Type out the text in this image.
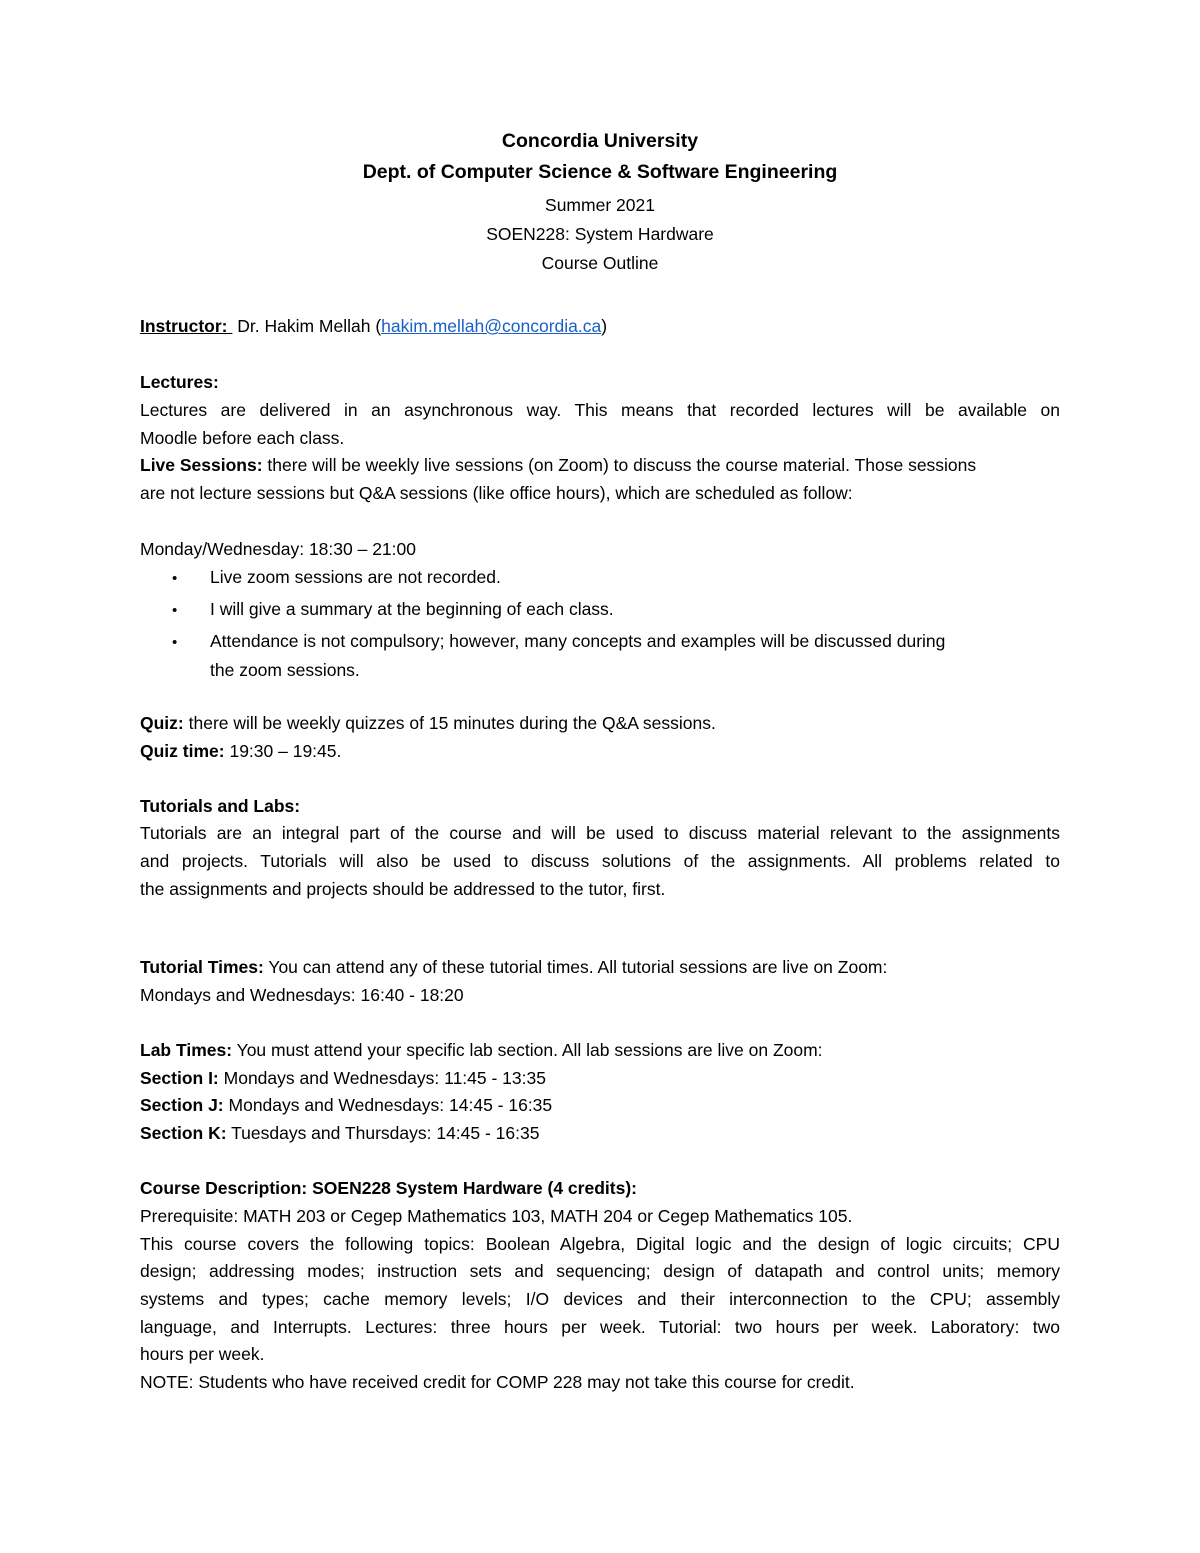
Concordia University
Dept. of Computer Science & Software Engineering
Summer 2021
SOEN228: System Hardware
Course Outline
Instructor: Dr. Hakim Mellah (hakim.mellah@concordia.ca)
Lectures:
Lectures are delivered in an asynchronous way. This means that recorded lectures will be available on
Moodle before each class.
Live Sessions: there will be weekly live sessions (on Zoom) to discuss the course material. Those sessions
are not lecture sessions but Q&A sessions (like office hours), which are scheduled as follow:
Monday/Wednesday: 18:30 – 21:00
• Live zoom sessions are not recorded.
• I will give a summary at the beginning of each class.
• Attendance is not compulsory; however, many concepts and examples will be discussed during
the zoom sessions.
Quiz: there will be weekly quizzes of 15 minutes during the Q&A sessions.
Quiz time: 19:30 – 19:45.
Tutorials and Labs:
Tutorials are an integral part of the course and will be used to discuss material relevant to the assignments
and projects. Tutorials will also be used to discuss solutions of the assignments. All problems related to
the assignments and projects should be addressed to the tutor, first.
Tutorial Times: You can attend any of these tutorial times. All tutorial sessions are live on Zoom:
Mondays and Wednesdays: 16:40 - 18:20
Lab Times: You must attend your specific lab section. All lab sessions are live on Zoom:
Section I: Mondays and Wednesdays: 11:45 - 13:35
Section J: Mondays and Wednesdays: 14:45 - 16:35
Section K: Tuesdays and Thursdays: 14:45 - 16:35
Course Description: SOEN228 System Hardware (4 credits):
Prerequisite: MATH 203 or Cegep Mathematics 103, MATH 204 or Cegep Mathematics 105.
This course covers the following topics: Boolean Algebra, Digital logic and the design of logic circuits; CPU
design; addressing modes; instruction sets and sequencing; design of datapath and control units; memory
systems and types; cache memory levels; I/O devices and their interconnection to the CPU; assembly
language, and Interrupts. Lectures: three hours per week. Tutorial: two hours per week. Laboratory: two
hours per week.
NOTE: Students who have received credit for COMP 228 may not take this course for credit.
